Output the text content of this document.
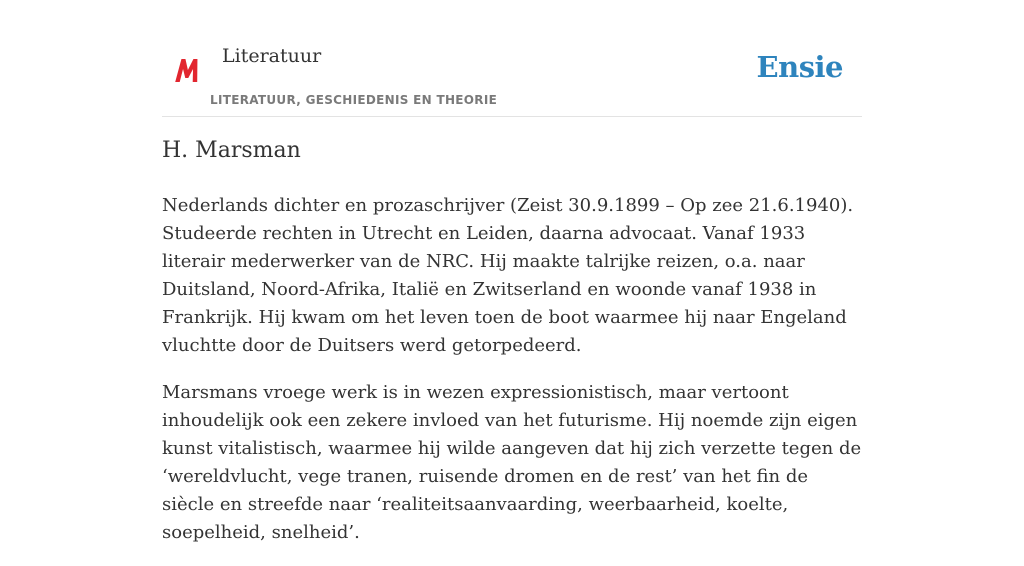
Literatuur
LITERATUUR, GESCHIEDENIS EN THEORIE
Ensie
H. Marsman

Nederlands dichter en prozaschrijver (Zeist 30.9.1899 – Op zee 21.6.1940). Studeerde rechten in Utrecht en Leiden, daarna advocaat. Vanaf 1933 literair mederwerker van de NRC. Hij maakte talrijke reizen, o.a. naar Duitsland, Noord-Afrika, Italië en Zwitserland en woonde vanaf 1938 in Frankrijk. Hij kwam om het leven toen de boot waarmee hij naar Engeland vluchtte door de Duitsers werd getorpedeerd.

Marsmans vroege werk is in wezen expressionistisch, maar vertoont inhoudelijk ook een zekere invloed van het futurisme. Hij noemde zijn eigen kunst vitalistisch, waarmee hij wilde aangeven dat hij zich verzette tegen de ‘wereldvlucht, vege tranen, ruisende dromen en de rest’ van het fin de siècle en streefde naar ‘realiteitsaanvaarding, weerbaarheid, koelte, soepelheid, snelheid’.
